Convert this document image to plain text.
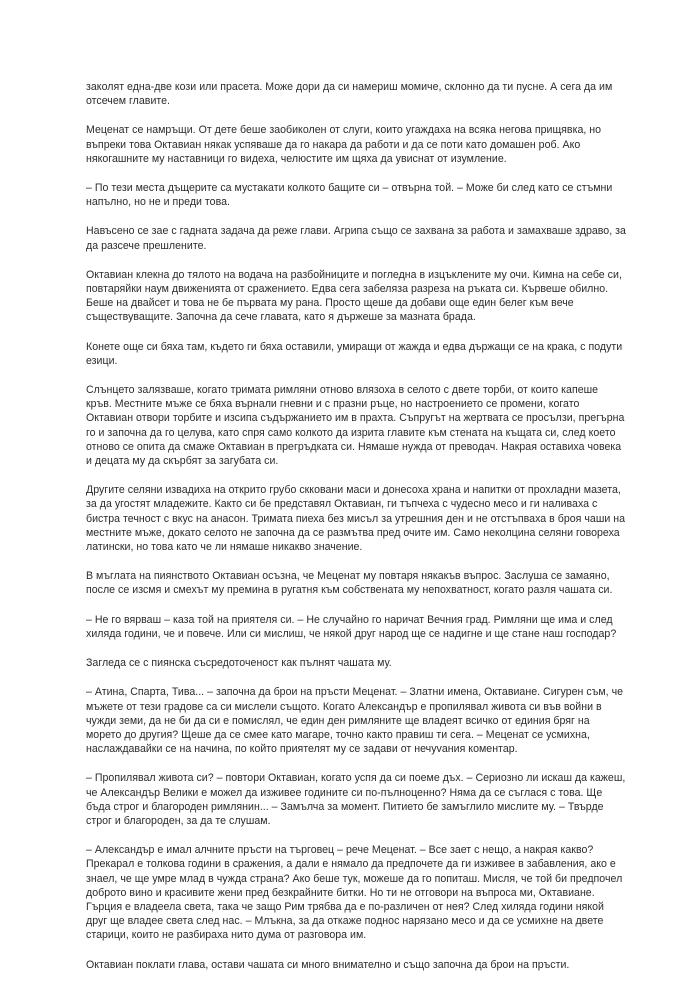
заколят една-две кози или прасета. Може дори да си намериш момиче, склонно да ти пусне. А сега да им отсечем главите.

Меценат се намръщи. От дете беше заобиколен от слуги, които угаждаха на всяка негова прищявка, но въпреки това Октавиан някак успяваше да го накара да работи и да се поти като домашен роб. Ако някогашните му наставници го видеха, челюстите им щяха да увиснат от изумление.

– По тези места дъщерите са мустакати колкото бащите си – отвърна той. – Може би след като се стъмни напълно, но не и преди това.

Навъсено се зае с гадната задача да реже глави. Агрипа също се захвана за работа и замахваше здраво, за да разсече прешлените.

Октавиан клекна до тялото на водача на разбойниците и погледна в изцъклените му очи. Кимна на себе си, повтаряйки наум движенията от сражението. Едва сега забеляза разреза на ръката си. Кървеше обилно. Беше на двайсет и това не бе първата му рана. Просто щеше да добави още един белег към вече съществуващите. Започна да сече главата, като я държеше за мазната брада.

Конете още си бяха там, където ги бяха оставили, умиращи от жажда и едва държащи се на крака, с подути езици.

Слънцето залязваше, когато тримата римляни отново влязоха в селото с двете торби, от които капеше кръв. Местните мъже се бяха върнали гневни и с празни ръце, но настроението се промени, когато Октавиан отвори торбите и изсипа съдържанието им в прахта. Съпругът на жертвата се просълзи, прегърна го и започна да го целува, като спря само колкото да изрита главите към стената на къщата си, след което отново се опита да смаже Октавиан в прегръдката си. Нямаше нужда от преводач. Накрая оставиха човека и децата му да скърбят за загубата си.

Другите селяни извадиха на открито грубо скковани маси и донесоха храна и напитки от прохладни мазета, за да угостят младежите. Както си бе представял Октавиан, ги тъпчеха с чудесно месо и ги наливаха с бистра течност с вкус на анасон. Тримата пиеха без мисъл за утрешния ден и не отстъпваха в броя чаши на местните мъже, докато селото не започна да се размътва пред очите им. Само неколцина селяни говореха латински, но това като че ли нямаше никакво значение.

В мъглата на пиянството Октавиан осъзна, че Меценат му повтаря някакъв въпрос. Заслуша се замаяно, после се изсмя и смехът му премина в ругатня към собствената му непохватност, когато разля чашата си.

– Не го вярваш – каза той на приятеля си. – Не случайно го наричат Вечния град. Римляни ще има и след хиляда години, че и повече. Или си мислиш, че някой друг народ ще се надигне и ще стане наш господар?

Загледа се с пиянска съсредоточеност как пълнят чашата му.

– Атина, Спарта, Тива... – започна да брои на пръсти Меценат. – Златни имена, Октавиане. Сигурен съм, че мъжете от тези градове са си мислели същото. Когато Александър е пропилявал живота си във войни в чужди земи, да не би да си е помислял, че един ден римляните ще владеят всичко от единия бряг на морето до другия? Щеше да се смее като магаре, точно както правиш ти сега. – Меценат се усмихна, наслаждавайки се на начина, по който приятелят му се задави от нечуvания коментар.

– Пропилявал живота си? – повтори Октавиан, когато успя да си поеме дъх. – Сериозно ли искаш да кажеш, че Александър Велики е можел да изживее годините си по-пълноценно? Няма да се съглася с това. Ще бъда строг и благороден римлянин... – Замълча за момент. Питието бе замъглило мислите му. – Твърде строг и благороден, за да те слушам.

– Александър е имал алчните пръсти на търговец – рече Меценат. – Все зает с нещо, а накрая какво? Прекарал е толкова години в сражения, а дали е нямало да предпочете да ги изживее в забавления, ако е знаел, че ще умре млад в чужда страна? Ако беше тук, можеше да го попиташ. Мисля, че той би предпочел доброто вино и красивите жени пред безкрайните битки. Но ти не отговори на въпроса ми, Октавиане. Гърция е владеела света, така че защо Рим трябва да е по-различен от нея? След хиляда години някой друг ще владее света след нас. – Млъкна, за да откаже поднос нарязано месо и да се усмихне на двете старици, които не разбираха нито дума от разговора им.

Октавиан поклати глава, остави чашата си много внимателно и също започна да брои на пръсти.
